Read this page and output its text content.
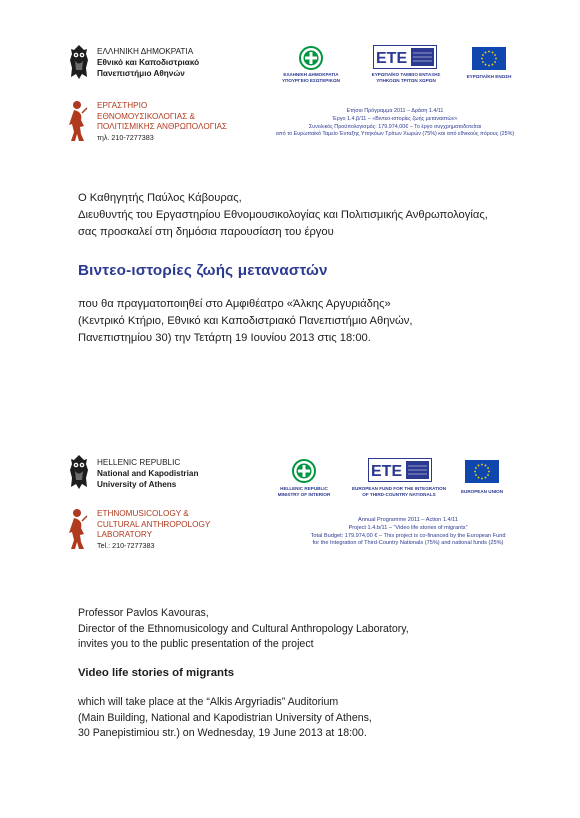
ΕΛΛΗΝΙΚΗ ΔΗΜΟΚΡΑΤΙΑ
Εθνικό και Καποδιστριακό
Πανεπιστήμιο Αθηνών
ΕΡΓΑΣΤΗΡΙΟ
ΕΘΝΟΜΟΥΣΙΚΟΛΟΓΙΑΣ &
ΠΟΛΙΤΙΣΜΙΚΗΣ ΑΝΘΡΩΠΟΛΟΓΙΑΣ
τηλ. 210-7277383
ΕΛΛΗΝΙΚΗ ΔΗΜΟΚΡΑΤΙΑ
ΥΠΟΥΡΓΕΙΟ ΕΣΩΤΕΡΙΚΩΝ
ΕΤΕ
ΕΥΡΩΠΑΪΚΟ ΤΑΜΕΙΟ ΕΝΤΑΞΗΣ
ΥΠΗΚΟΩΝ ΤΡΙΤΩΝ ΧΩΡΩΝ
ΕΥΡΩΠΑΪΚΗ ΕΝΩΣΗ
Ετήσιο Πρόγραμμα 2011 – Δράση 1.4/11
Έργο 1.4.β/11 – «Βιντεο-ιστορίες ζωής μεταναστών»
Συνολικός Προϋπολογισμός: 179.974,00€ – Το έργο συγχρηματοδοτείται
από το Ευρωπαϊκό Ταμείο Ένταξης Υπηκόων Τρίτων Χωρών (75%) και από εθνικούς πόρους (25%)
Ο Καθηγητής Παύλος Κάβουρας,
Διευθυντής του Εργαστηρίου Εθνομουσικολογίας και Πολιτισμικής Ανθρωπολογίας,
σας προσκαλεί στη δημόσια παρουσίαση του έργου
Βιντεο-ιστορίες ζωής μεταναστών
που θα πραγματοποιηθεί στο Αμφιθέατρο «Άλκης Αργυριάδης»
(Κεντρικό Κτήριο, Εθνικό και Καποδιστριακό Πανεπιστήμιο Αθηνών,
Πανεπιστημίου 30) την Τετάρτη 19 Ιουνίου 2013 στις 18:00.
HELLENIC REPUBLIC
National and Kapodistrian
University of Athens
ETHNOMUSICOLOGY &
CULTURAL ANTHROPOLOGY
LABORATORY
Tel.: 210-7277383
HELLENIC REPUBLIC
MINISTRY OF INTERIOR
ΕΤΕ
EUROPEAN FUND FOR THE INTEGRATION
OF THIRD-COUNTRY NATIONALS	EUROPEAN UNION
Annual Programme 2011 – Action 1.4/11
Project 1.4.b/11 – “Video life stories of migrants”
Total Budget: 179.974,00 € – This project is co-financed by the European Fund
for the Integration of Third-Country Nationals (75%) and national funds (25%)
Professor Pavlos Kavouras,
Director of the Ethnomusicology and Cultural Anthropology Laboratory,
invites you to the public presentation of the project
Video life stories of migrants
which will take place at the “Alkis Argyriadis” Auditorium
(Main Building, National and Kapodistrian University of Athens,
30 Panepistimiou str.) on Wednesday, 19 June 2013 at 18:00.
